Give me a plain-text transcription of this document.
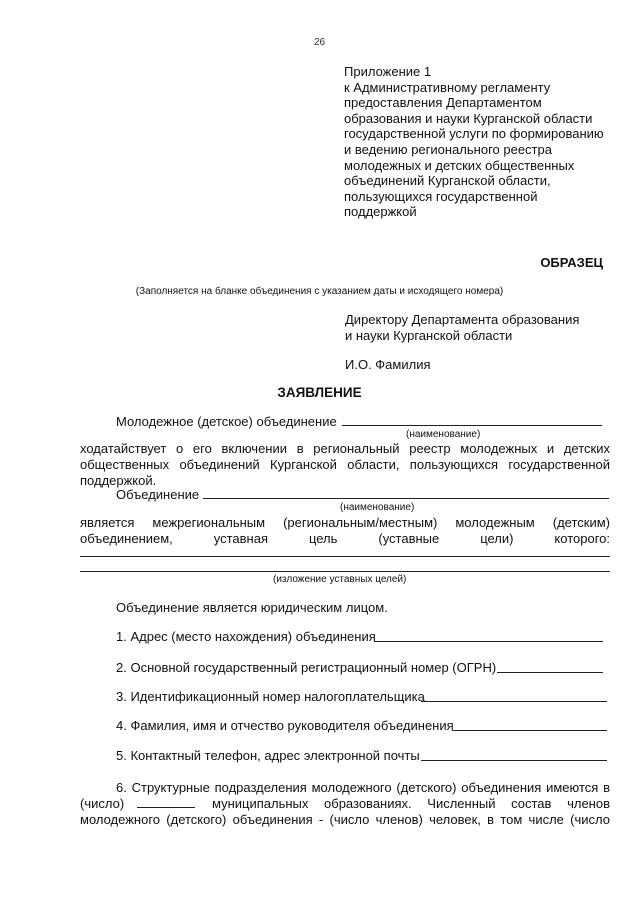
26
Приложение 1
к Административному регламенту
предоставления Департаментом
образования и науки Курганской области
государственной услуги по формированию
и ведению регионального реестра
молодежных и детских общественных
объединений Курганской области,
пользующихся государственной
поддержкой
ОБРАЗЕЦ
(Заполняется на бланке объединения с указанием даты и исходящего номера)
Директору Департамента образования
и науки Курганской области
И.О. Фамилия
ЗАЯВЛЕНИЕ
Молодежное (детское) объединение
(наименование)
ходатайствует о его включении в региональный реестр молодежных и детских
общественных объединений Курганской области, пользующихся государственной
поддержкой.
Объединение
(наименование)
является межрегиональным (региональным/местным) молодежным (детским)
объединением, уставная цель (уставные цели) которого:
(изложение уставных целей)
Объединение является юридическим лицом.
1. Адрес (место нахождения) объединения
2. Основной государственный регистрационный номер (ОГРН)
3. Идентификационный номер налогоплательщика
4. Фамилия, имя и отчество руководителя объединения
5. Контактный телефон, адрес электронной почты
6. Структурные подразделения молодежного (детского) объединения имеются в
(число)	муниципальных образованиях. Численный состав членов
молодежного (детского) объединения - (число членов) человек, в том числе (число
